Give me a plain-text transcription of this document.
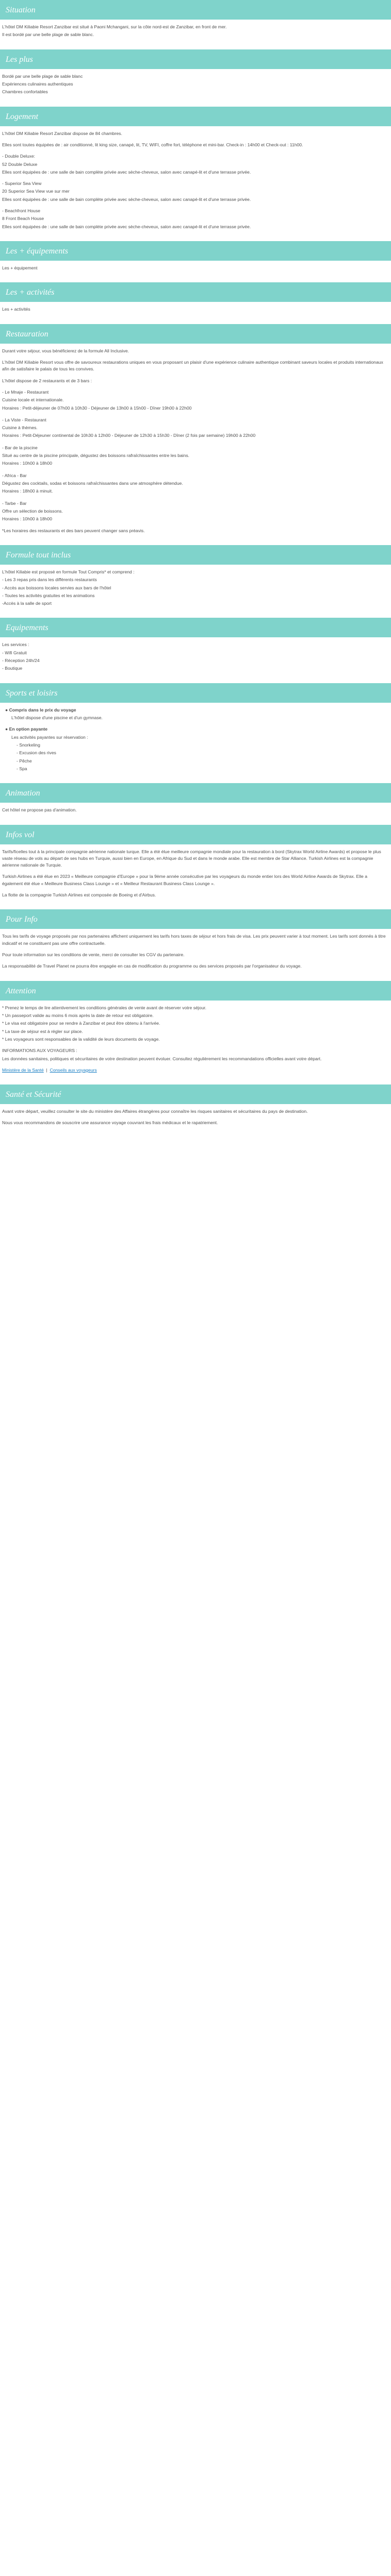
Situation

L'hôtel DM Kiliabie Resort Zanzibar est situé à Paoni Mchangani, sur la côte nord-est de Zanzibar, en front de mer.

Il est bordé par une belle plage de sable blanc.

Les plus

Bordé par une belle plage de sable blanc

Expériences culinaires authentiques

Chambres confortables

Logement

L'hôtel DM Kiliabie Resort Zanzibar dispose de 84 chambres.

Elles sont toutes équipées de : air conditionné, lit king size, canapé, lit, TV, WIFI, coffre fort, téléphone et mini-bar. Check-in : 14h00 et Check-out : 11h00.

- Double Deluxe:

52 Double Deluxe

Elles sont équipées de : une salle de bain complète privée avec sèche-cheveux, salon avec canapé-lit et d'une terrasse privée.

- Superior Sea View

20 Superior Sea View vue sur mer

Elles sont équipées de : une salle de bain complète privée avec sèche-cheveux, salon avec canapé-lit et d'une terrasse privée.

- Beachfront House

8 Front Beach House

Elles sont équipées de : une salle de bain complète privée avec sèche-cheveux, salon avec canapé-lit et d'une terrasse privée.

Les + équipements

Les + équipement

Les + activités

Les + activités

Restauration

Durant votre séjour, vous bénéficierez de la formule All Inclusive.

L'hôtel DM Kiliabie Resort vous offre de savoureux restaurations uniques en vous proposant un plaisir d'une expérience culinaire authentique combinant saveurs locales et produits internationaux afin de satisfaire le palais de tous les convives.

L'hôtel dispose de 2 restaurants et de 3 bars :

- Le Mnaje - Restaurant

Cuisine locale et internationale.

Horaires : Petit-déjeuner de 07h00 à 10h30 - Déjeuner de 13h00 à 15h00 - Dîner 19h00 à 22h00

- La Viste - Restaurant

Cuisine à thèmes.

Horaires : Petit-Déjeuner continental de 10h30 à 12h00 - Déjeuner de 12h30 à 15h30 - Dîner (2 fois par semaine) 19h00 à 22h00

- Bar de la piscine

Situé au centre de la piscine principale, dégustez des boissons rafraîchissantes entre les bains.

Horaires : 10h00 à 18h00

- Africa - Bar

Dégustez des cocktails, sodas et boissons rafraîchissantes dans une atmosphère détendue.

Horaires : 18h00 à minuit.

- Tarbe - Bar

Offre un sélection de boissons.

Horaires : 10h00 à 18h00

*Les horaires des restaurants et des bars peuvent changer sans préavis.

Formule tout inclus

L'hôtel Kiliabie est proposé en formule Tout Compris* et comprend :

- Les 3 repas pris dans les différents restaurants

- Accès aux boissons locales servies aux bars de l'hôtel

- Toutes les activités gratuites et les animations

-Accès à la salle de sport

Equipements

Les services :

- Wifi Gratuit

- Réception 24h/24

- Boutique

Sports et loisirs

● Compris dans le prix du voyage

L'hôtel dispose d'une piscine et d'un gymnase.

● En option payante

Les activités payantes sur réservation :

- Snorkeling

- Excusion des rives

- Pêche

- Spa

Animation

Cet hôtel ne propose pas d'animation.

Infos vol

Tarifs/ficelles tout à la principale compagnie aérienne nationale turque. Elle a été élue meilleure compagnie mondiale pour la restauration à bord (Skytrax World Airline Awards) et propose le plus vaste réseau de vols au départ de ses hubs en Turquie, aussi bien en Europe, en Afrique du Sud et dans le monde arabe. Elle est membre de Star Alliance. Turkish Airlines est la compagnie aérienne nationale de Turquie.

Turkish Airlines a été élue en 2023 « Meilleure compagnie d'Europe » pour la 9ème année consécutive par les voyageurs du monde entier lors des World Airline Awards de Skytrax. Elle a également été élue « Meilleure Business Class Lounge » et « Meilleur Restaurant Business Class Lounge ».

La flotte de la compagnie Turkish Airlines est composée de Boeing et d'Airbus.

Pour Info

Tous les tarifs de voyage proposés par nos partenaires affichent uniquement les tarifs hors taxes de séjour et hors frais de visa. Les prix peuvent varier à tout moment. Les tarifs sont donnés à titre indicatif et ne constituent pas une offre contractuelle.

Pour toute information sur les conditions de vente, merci de consulter les CGV du partenaire.

La responsabilité de Travel Planet ne pourra être engagée en cas de modification du programme ou des services proposés par l'organisateur du voyage.

Attention

* Prenez le temps de lire attentivement les conditions générales de vente avant de réserver votre séjour.

* Un passeport valide au moins 6 mois après la date de retour est obligatoire.

* Le visa est obligatoire pour se rendre à Zanzibar et peut être obtenu à l'arrivée.

* La taxe de séjour est à régler sur place.

* Les voyageurs sont responsables de la validité de leurs documents de voyage.

INFORMATIONS AUX VOYAGEURS :

Les données sanitaires, politiques et sécuritaires de votre destination peuvent évoluer. Consultez régulièrement les recommandations officielles avant votre départ.

Ministère de la Santé  |  Conseils aux voyageurs

Santé et Sécurité

Avant votre départ, veuillez consulter le site du ministère des Affaires étrangères pour connaître les risques sanitaires et sécuritaires du pays de destination.

Nous vous recommandons de souscrire une assurance voyage couvrant les frais médicaux et le rapatriement.
